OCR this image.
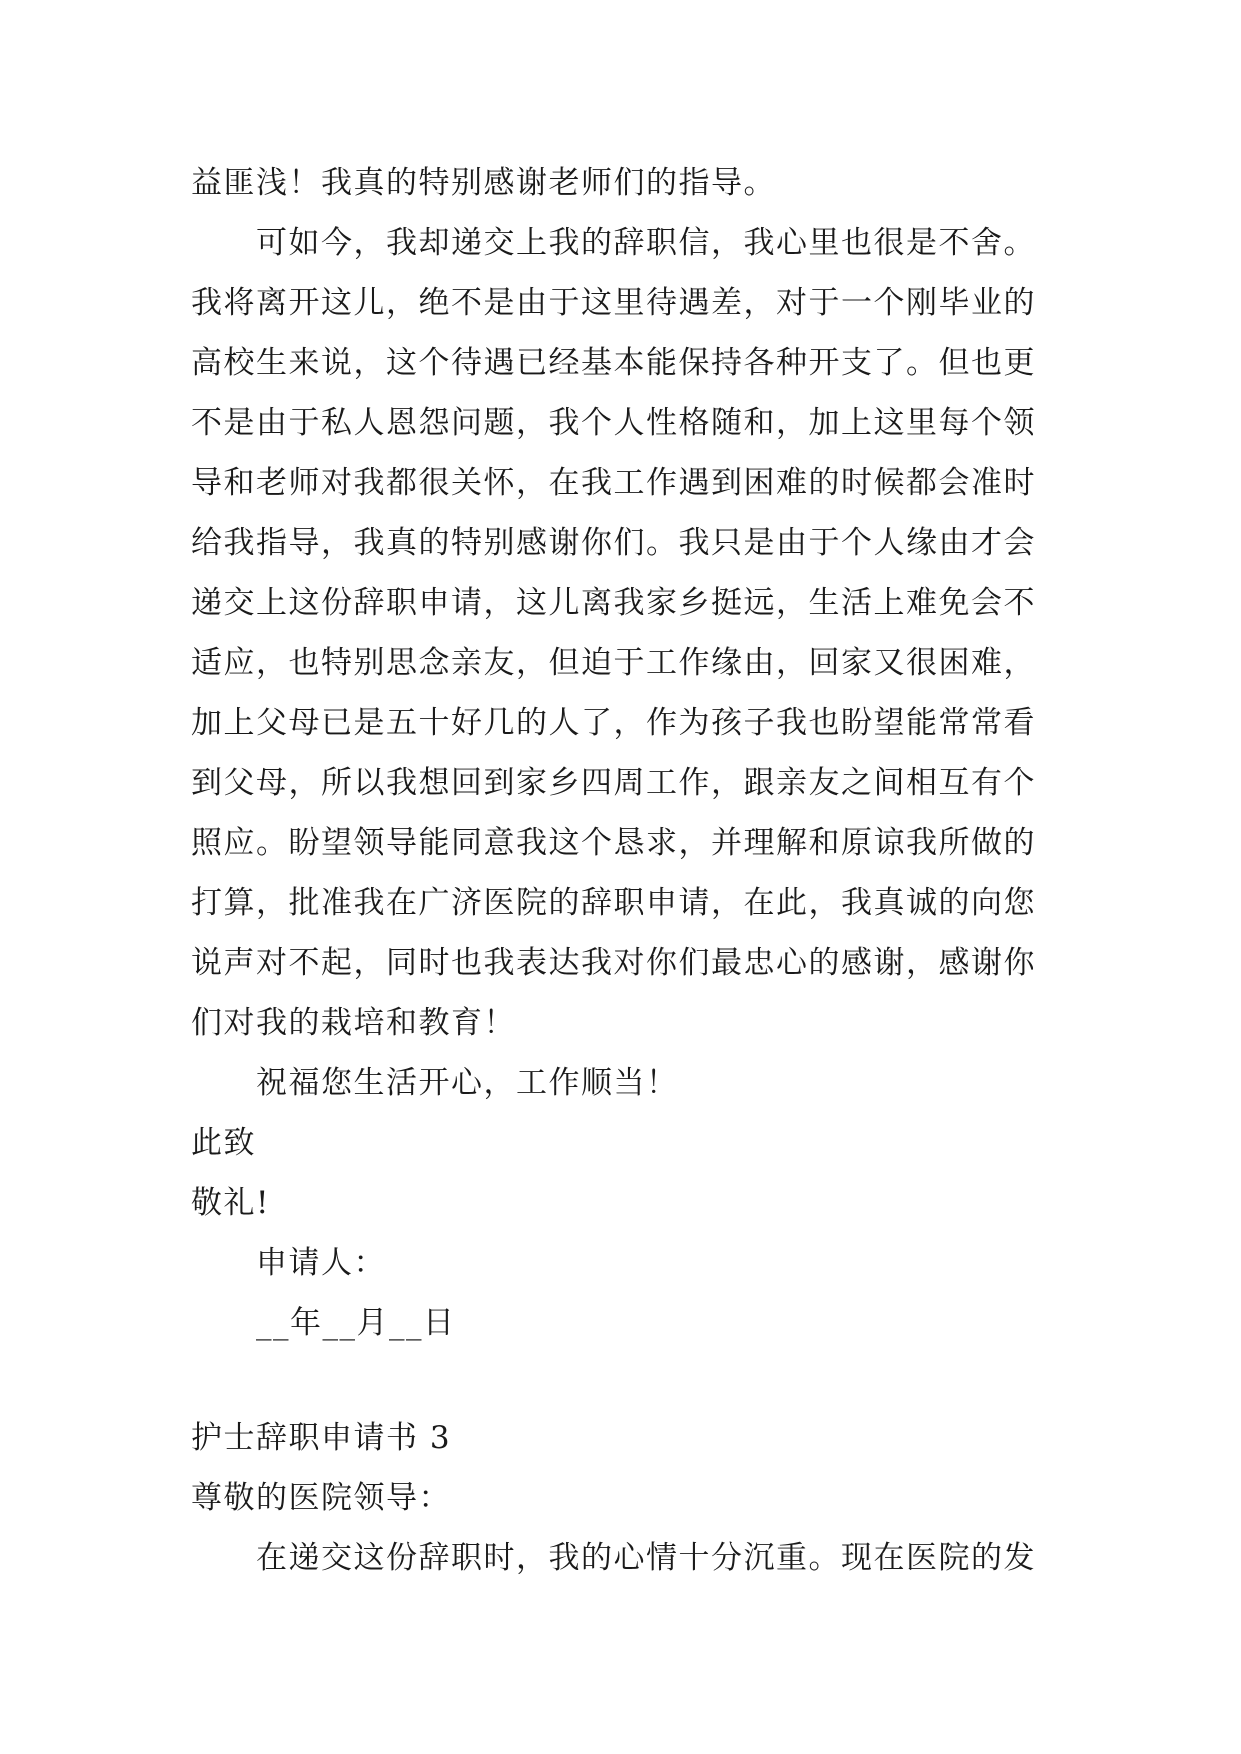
益匪浅！我真的特别感谢老师们的指导。
可如今，我却递交上我的辞职信，我心里也很是不舍。
我将离开这儿，绝不是由于这里待遇差，对于一个刚毕业的
高校生来说，这个待遇已经基本能保持各种开支了。但也更
不是由于私人恩怨问题，我个人性格随和，加上这里每个领
导和老师对我都很关怀，在我工作遇到困难的时候都会准时
给我指导，我真的特别感谢你们。我只是由于个人缘由才会
递交上这份辞职申请，这儿离我家乡挺远，生活上难免会不
适应，也特别思念亲友，但迫于工作缘由，回家又很困难，
加上父母已是五十好几的人了，作为孩子我也盼望能常常看
到父母，所以我想回到家乡四周工作，跟亲友之间相互有个
照应。盼望领导能同意我这个恳求，并理解和原谅我所做的
打算，批准我在广济医院的辞职申请，在此，我真诚的向您
说声对不起，同时也我表达我对你们最忠心的感谢，感谢你
们对我的栽培和教育！
祝福您生活开心，工作顺当！
此致
敬礼!
申请人：
__年__月__日
护士辞职申请书 3
尊敬的医院领导：
在递交这份辞职时，我的心情十分沉重。现在医院的发
